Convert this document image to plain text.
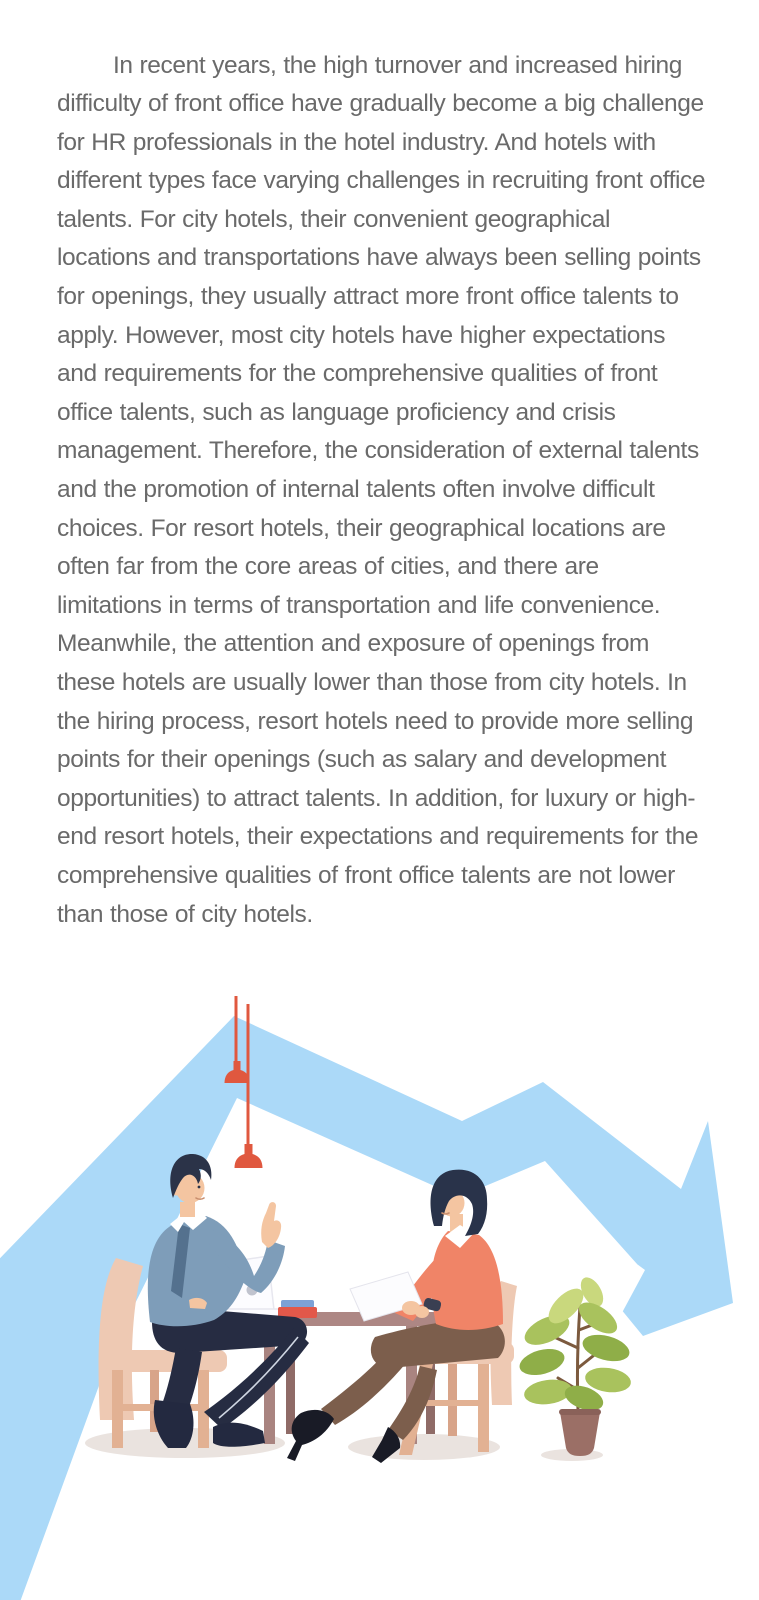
In recent years, the high turnover and increased hiring difficulty of front office have gradually become a big challenge for HR professionals in the hotel industry. And hotels with different types face varying challenges in recruiting front office talents. For city hotels, their convenient geographical locations and transportations have always been selling points for openings, they usually attract more front office talents to apply. However, most city hotels have higher expectations and requirements for the comprehensive qualities of front office talents, such as language proficiency and crisis management. Therefore, the consideration of external talents and the promotion of internal talents often involve difficult choices. For resort hotels, their geographical locations are often far from the core areas of cities, and there are limitations in terms of transportation and life convenience. Meanwhile, the attention and exposure of openings from these hotels are usually lower than those from city hotels. In the hiring process, resort hotels need to provide more selling points for their openings (such as salary and development opportunities) to attract talents. In addition, for luxury or high-end resort hotels, their expectations and requirements for the comprehensive qualities of front office talents are not lower than those of city hotels.
